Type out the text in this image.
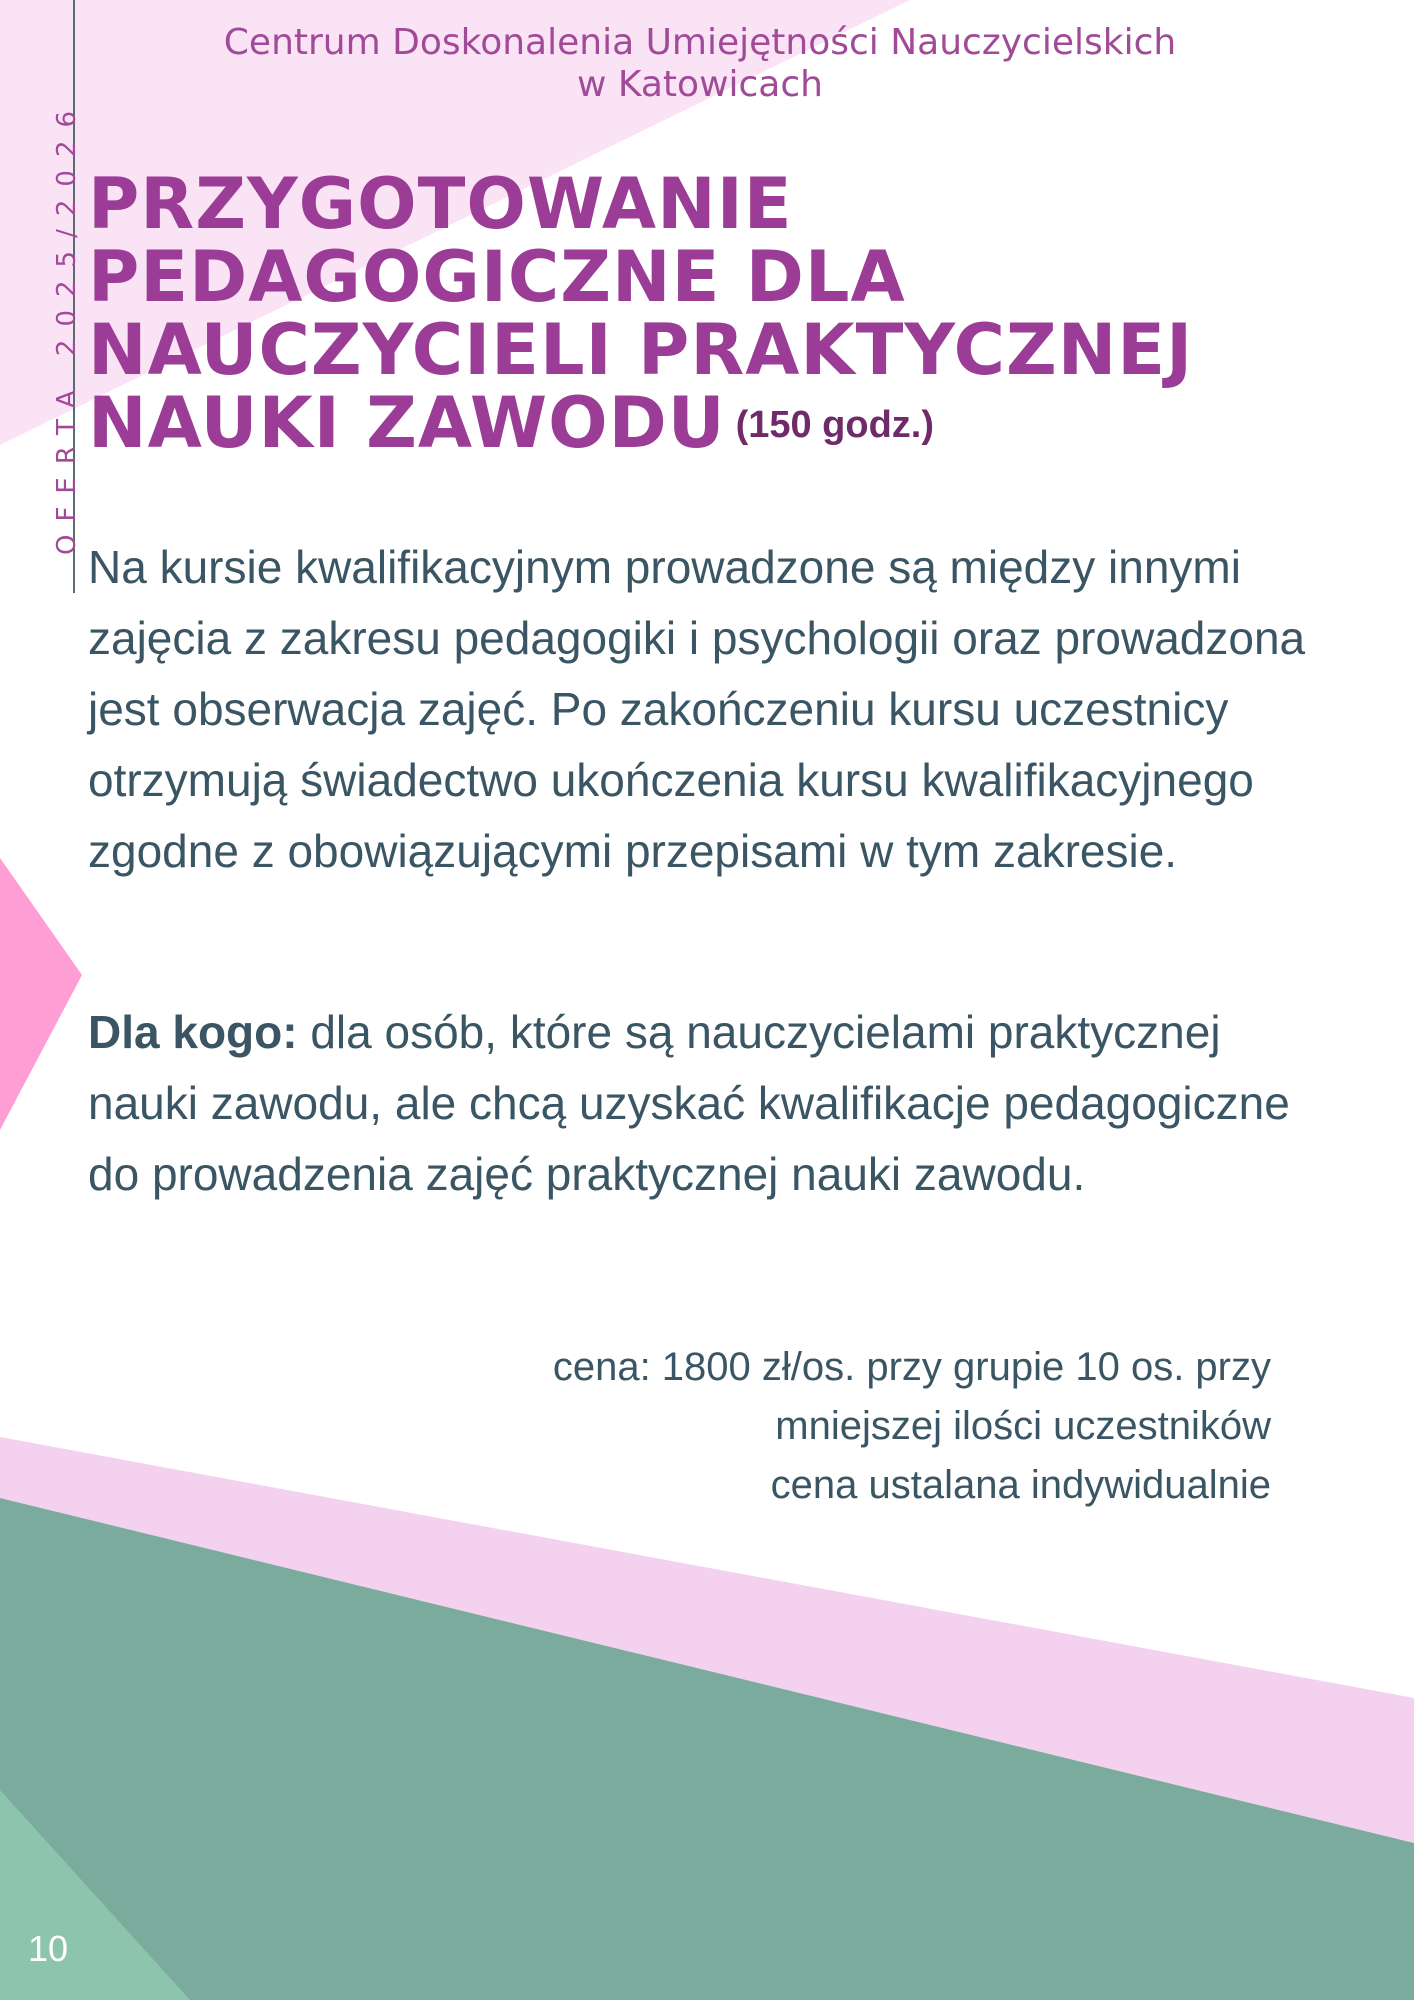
Centrum Doskonalenia Umiejętności Nauczycielskich
w Katowicach
OFERTA 2025/2026 PRZYGOTOWANIE
PEDAGOGICZNE DLA
NAUCZYCIELI PRAKTYCZNEJ
NAUKI ZAWODU (150 godz.)
Na kursie kwalifikacyjnym prowadzone są między innymi zajęcia z zakresu pedagogiki i psychologii oraz prowadzona jest obserwacja zajęć. Po zakończeniu kursu uczestnicy otrzymują świadectwo ukończenia kursu kwalifikacyjnego zgodne z obowiązującymi przepisami w tym zakresie.
Dla kogo: dla osób, które są nauczycielami praktycznej nauki zawodu, ale chcą uzyskać kwalifikacje pedagogiczne do prowadzenia zajęć praktycznej nauki zawodu.
cena: 1800 zł/os. przy grupie 10 os. przy
mniejszej ilości uczestników
cena ustalana indywidualnie
10
